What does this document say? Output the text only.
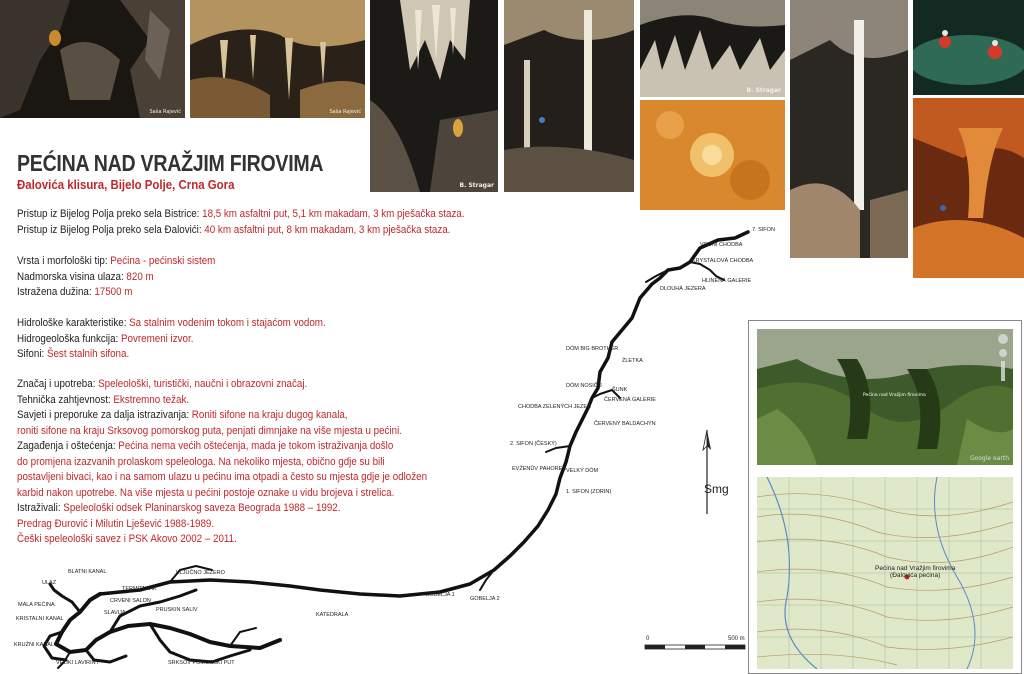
Saša Rajević	Saša Rajević
B. Stragar
B. Stragar
PEĆINA NAD VRAŽJIM FIROVIMA
Đalovića klisura, Bijelo Polje, Crna Gora

Pristup iz Bijelog Polja preko sela Bistrice: 18,5 km asfaltni put, 5,1 km makadam, 3 km pješačka staza.

Pristup iz Bijelog Polja preko sela Đalovići: 40 km asfaltni put, 8 km makadam, 3 km pješačka staza.

Vrsta i morfološki tip: Pećina - pećinski sistem

Nadmorska visina ulaza: 820 m

Istražena dužina: 17500 m

Hidrološke karakteristike: Sa stalnim vodenim tokom i stajaćom vodom.

Hidrogeološka funkcija: Povremeni izvor.

Sifoni: Šest stalnih sifona.

Značaj i upotreba: Speleološki, turistički, naučni i obrazovni značaj.

Tehnička zahtjevnost: Ekstremno težak.

Savjeti i preporuke za dalja istrazivanja: Roniti sifone na kraju dugog kanala,

roniti sifone na kraju Srksovog pomorskog puta, penjati dimnjake na više mjesta u pećini.

Zagađenja i oštećenja: Pećina nema većih oštećenja, mada je tokom istraživanja došlo

do promjena izazvanih prolaskom speleologa. Na nekoliko mjesta, obično gdje su bili

postavljeni bivaci, kao i na samom ulazu u pećinu ima otpadi a često su mjesta gdje je odložen

karbid nakon upotrebe. Na više mjesta u pećini postoje oznake u vidu brojeva i strelica.

Istraživali: Speleološki odsek Planinarskog saveza Beograda 1988 – 1992.

Predrag Đurović i Milutin Lješević 1988-1989.

Češki speleološki savez i PSK Akovo 2002 – 2011.

7. SIFON
VODNÍ CHODBA
KRYSTALOVÁ CHODBA
HLINĚNÁ GALERIE
DLOUHÁ JEZERA
DÓM BIG BROTHER
ŽLETKA
DÓM NOSIČŮ
ŠUNK
ČERVENÁ GALERIE
CHODBA ZELENÝCH JEZER
ČERVENÝ BALDACHÝN
2. SIFON (ČESKÝ)
EVŽENŮV PAHOREK VELKÝ DÓM
1. SIFON (ZORIN)
GOBELJA 1
GOBELJA 2
KATEDRALA
KLJUČNO JEZERO
BLATNI KANAL
ULAZ
TERMITNJAK
CRVENI SALON
PRUSKIN SALIV
MALA PEĆINA
SLAVIJA
KRISTALNI KANAL
KRUŽNI KANAL
VELIKI LAVIRINT	SRKSOV POMORSKI PUT
Smg
0	500 m
Pećina nad Vražjim firovima
Google earth
Pećina nad Vražjim firovima
(Đalovića pećina)
